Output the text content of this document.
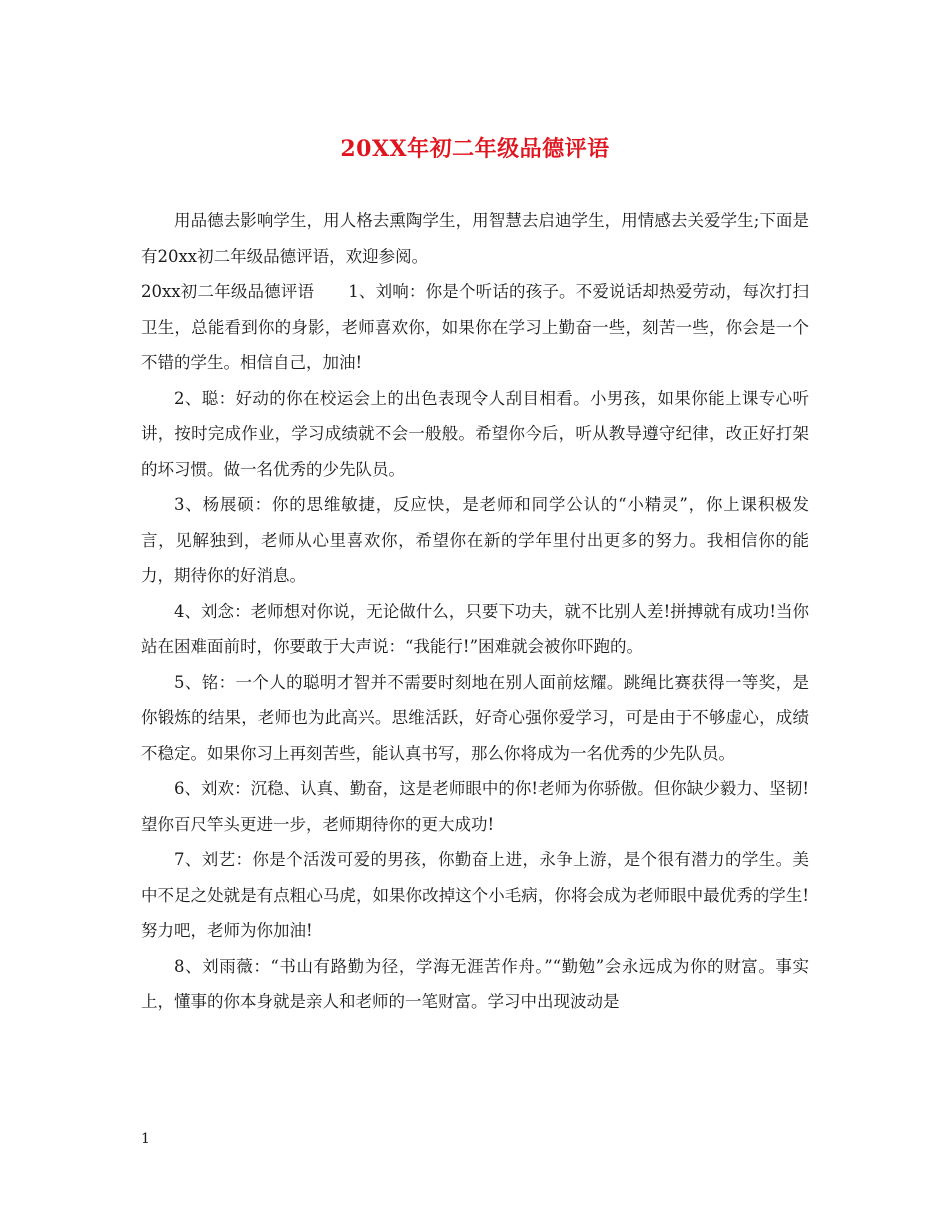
20XX年初二年级品德评语

用品德去影响学生，用人格去熏陶学生，用智慧去启迪学生，用情感去关爱学生;下面是有20xx初二年级品德评语，欢迎参阅。

20xx初二年级品德评语 1、刘响：你是个听话的孩子。不爱说话却热爱劳动，每次打扫卫生，总能看到你的身影，老师喜欢你，如果你在学习上勤奋一些，刻苦一些，你会是一个不错的学生。相信自己，加油!

2、聪：好动的你在校运会上的出色表现令人刮目相看。小男孩，如果你能上课专心听讲，按时完成作业，学习成绩就不会一般般。希望你今后，听从教导遵守纪律，改正好打架的坏习惯。做一名优秀的少先队员。

3、杨展硕：你的思维敏捷，反应快，是老师和同学公认的“小精灵”，你上课积极发言，见解独到，老师从心里喜欢你，希望你在新的学年里付出更多的努力。我相信你的能力，期待你的好消息。

4、刘念：老师想对你说，无论做什么，只要下功夫，就不比别人差!拼搏就有成功!当你站在困难面前时，你要敢于大声说：“我能行!”困难就会被你吓跑的。

5、铭：一个人的聪明才智并不需要时刻地在别人面前炫耀。跳绳比赛获得一等奖，是你锻炼的结果，老师也为此高兴。思维活跃，好奇心强你爱学习，可是由于不够虚心，成绩不稳定。如果你习上再刻苦些，能认真书写，那么你将成为一名优秀的少先队员。

6、刘欢：沉稳、认真、勤奋，这是老师眼中的你!老师为你骄傲。但你缺少毅力、坚韧!望你百尺竿头更进一步，老师期待你的更大成功!

7、刘艺：你是个活泼可爱的男孩，你勤奋上进，永争上游，是个很有潜力的学生。美中不足之处就是有点粗心马虎，如果你改掉这个小毛病，你将会成为老师眼中最优秀的学生!努力吧，老师为你加油!

8、刘雨薇：“书山有路勤为径，学海无涯苦作舟。”“勤勉”会永远成为你的财富。事实上，懂事的你本身就是亲人和老师的一笔财富。学习中出现波动是

1
